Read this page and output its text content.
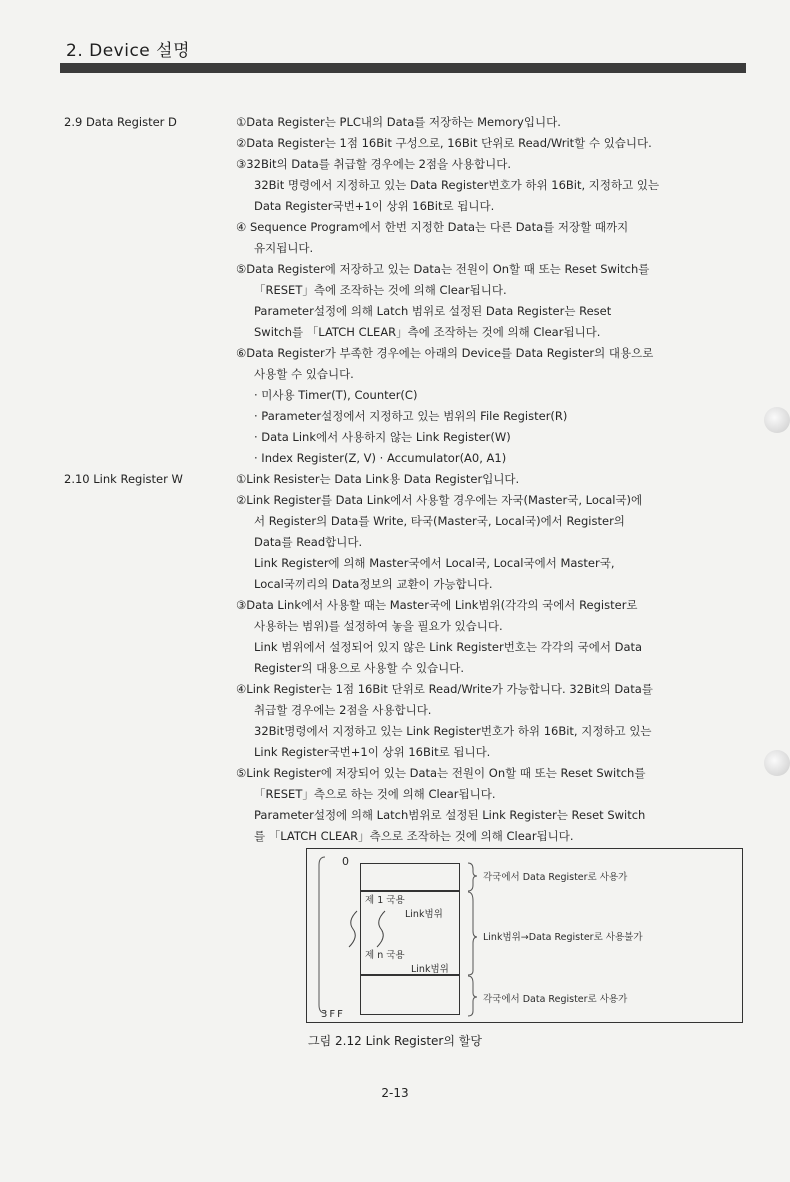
2. Device 설명
2.9 Data Register D
2.10 Link Register W
①Data Register는 PLC내의 Data를 저장하는 Memory입니다.
②Data Register는 1점 16Bit 구성으로, 16Bit 단위로 Read/Writ할 수 있습니다.
③32Bit의 Data를 취급할 경우에는 2점을 사용합니다.
32Bit 명령에서 지정하고 있는 Data Register번호가 하위 16Bit, 지정하고 있는
Data Register국번+1이 상위 16Bit로 됩니다.
④ Sequence Program에서 한번 지정한 Data는 다른 Data를 저장할 때까지
유지됩니다.
⑤Data Register에 저장하고 있는 Data는 전원이 On할 때 또는 Reset Switch를
「RESET」측에 조작하는 것에 의해 Clear됩니다.
Parameter설정에 의해 Latch 범위로 설정된 Data Register는 Reset
Switch를 「LATCH CLEAR」측에 조작하는 것에 의해 Clear됩니다.
⑥Data Register가 부족한 경우에는 아래의 Device를 Data Register의 대용으로
사용할 수 있습니다.
· 미사용 Timer(T), Counter(C)
· Parameter설정에서 지정하고 있는 범위의 File Register(R)
· Data Link에서 사용하지 않는 Link Register(W)
· Index Register(Z, V) · Accumulator(A0, A1)
①Link Resister는 Data Link용 Data Register입니다.
②Link Register를 Data Link에서 사용할 경우에는 자국(Master국, Local국)에
서 Register의 Data를 Write, 타국(Master국, Local국)에서 Register의
Data를 Read합니다.
Link Register에 의해 Master국에서 Local국, Local국에서 Master국,
Local국끼리의 Data정보의 교환이 가능합니다.
③Data Link에서 사용할 때는 Master국에 Link범위(각각의 국에서 Register로
사용하는 범위)를 설정하여 놓을 필요가 있습니다.
Link 범위에서 설정되어 있지 않은 Link Register번호는 각각의 국에서 Data
Register의 대용으로 사용할 수 있습니다.
④Link Register는 1점 16Bit 단위로 Read/Write가 가능합니다. 32Bit의 Data를
취급할 경우에는 2점을 사용합니다.
32Bit명령에서 지정하고 있는 Link Register번호가 하위 16Bit, 지정하고 있는
Link Register국번+1이 상위 16Bit로 됩니다.
⑤Link Register에 저장되어 있는 Data는 전원이 On할 때 또는 Reset Switch를
「RESET」측으로 하는 것에 의해 Clear됩니다.
Parameter설정에 의해 Latch범위로 설정된 Link Register는 Reset Switch
를 「LATCH CLEAR」측으로 조작하는 것에 의해 Clear됩니다.
0
3FF
제 1 국용
Link범위
제 n 국용
Link범위
각국에서 Data Register로 사용가
Link범위→Data Register로 사용불가
각국에서 Data Register로 사용가
그림 2.12 Link Register의 할당
2-13
